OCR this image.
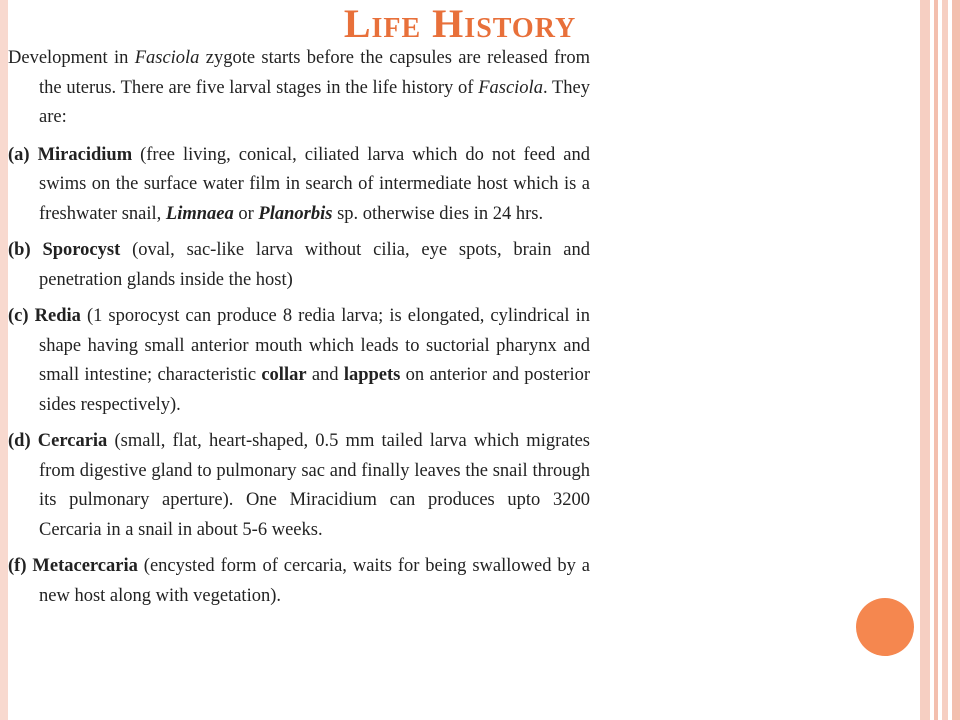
Life History

Development in Fasciola zygote starts before the capsules are released from the uterus. There are five larval stages in the life history of Fasciola. They are:

(a) Miracidium (free living, conical, ciliated larva which do not feed and swims on the surface water film in search of intermediate host which is a freshwater snail, Limnaea or Planorbis sp. otherwise dies in 24 hrs.

(b) Sporocyst (oval, sac-like larva without cilia, eye spots, brain and penetration glands inside the host)

(c) Redia (1 sporocyst can produce 8 redia larva; is elongated, cylindrical in shape having small anterior mouth which leads to suctorial pharynx and small intestine; characteristic collar and lappets on anterior and posterior sides respectively).

(d) Cercaria (small, flat, heart-shaped, 0.5 mm tailed larva which migrates from digestive gland to pulmonary sac and finally leaves the snail through its pulmonary aperture). One Miracidium can produces upto 3200 Cercaria in a snail in about 5-6 weeks.

(f) Metacercaria (encysted form of cercaria, waits for being swallowed by a new host along with vegetation).
